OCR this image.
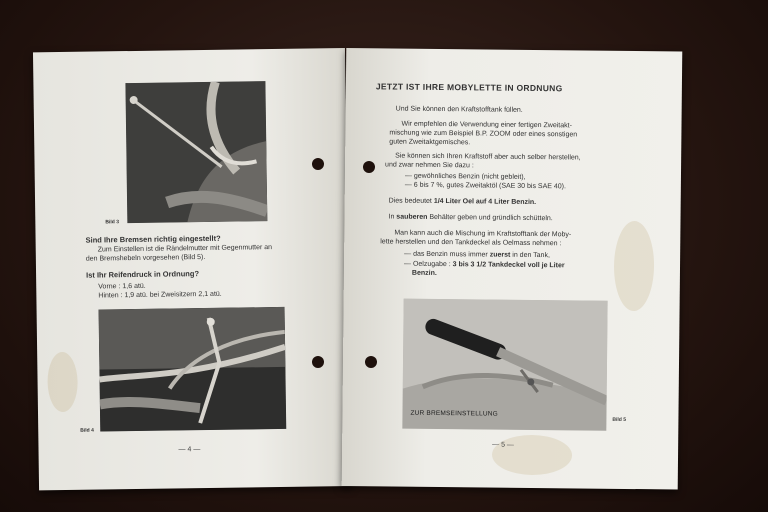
Bild 3
Sind Ihre Bremsen richtig eingestellt?
Zum Einstellen ist die Rändelmutter mit Gegenmutter an
den Bremshebeln vorgesehen (Bild 5).
Ist Ihr Reifendruck in Ordnung?
Vorne : 1,6 atü.
Hinten : 1,9 atü. bei Zweisitzern 2,1 atü.
Bild 4
— 4 —
JETZT IST IHRE MOBYLETTE IN ORDNUNG
Und Sie können den Kraftstofftank füllen.
Wir empfehlen die Verwendung einer fertigen Zweitakt-
mischung wie zum Beispiel B.P. ZOOM oder eines sonstigen
guten Zweitaktgemisches.
Sie können sich Ihren Kraftstoff aber auch selber herstellen,
und zwar nehmen Sie dazu :
— gewöhnliches Benzin (nicht gebleit),
— 6 bis 7 %, gutes Zweitaktöl (SAE 30 bis SAE 40).
Dies bedeutet 1/4 Liter Oel auf 4 Liter Benzin.
In sauberen Behälter geben und gründlich schütteln.
Man kann auch die Mischung im Kraftstofftank der Moby-
lette herstellen und den Tankdeckel als Oelmass nehmen :
— das Benzin muss immer zuerst in den Tank,
— Oelzugabe : 3 bis 3 1/2 Tankdeckel voll je Liter
Benzin.
ZUR BREMSEINSTELLUNG
Bild 5
— 5 —
